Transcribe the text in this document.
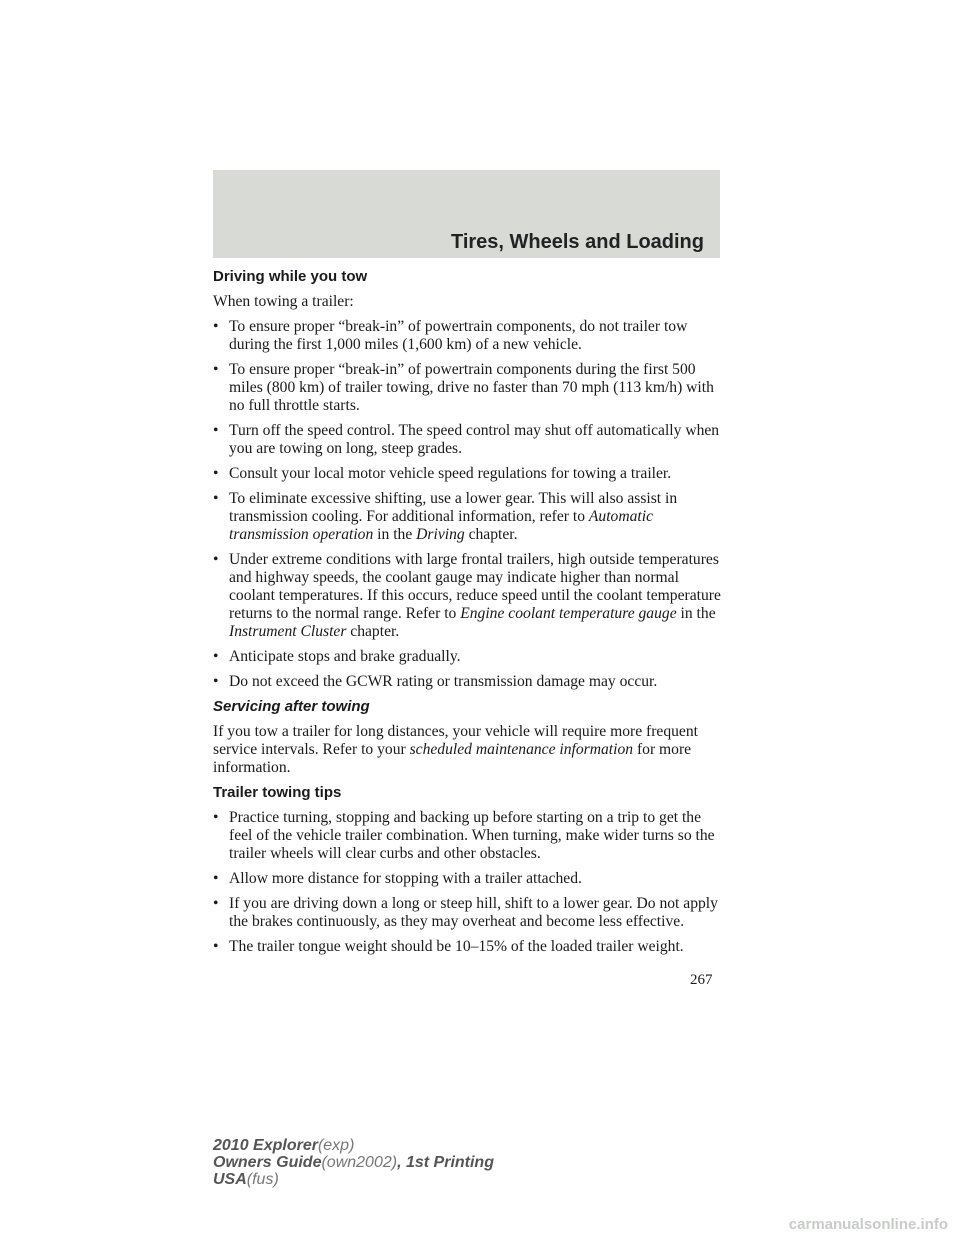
Tires, Wheels and Loading
Driving while you tow

When towing a trailer:

• To ensure proper “break-in” of powertrain components, do not trailer tow during the first 1,000 miles (1,600 km) of a new vehicle.
• To ensure proper “break-in” of powertrain components during the first 500 miles (800 km) of trailer towing, drive no faster than 70 mph (113 km/h) with no full throttle starts.
• Turn off the speed control. The speed control may shut off automatically when you are towing on long, steep grades.
• Consult your local motor vehicle speed regulations for towing a trailer.
• To eliminate excessive shifting, use a lower gear. This will also assist in transmission cooling. For additional information, refer to Automatic transmission operation in the Driving chapter.
• Under extreme conditions with large frontal trailers, high outside temperatures and highway speeds, the coolant gauge may indicate higher than normal coolant temperatures. If this occurs, reduce speed until the coolant temperature returns to the normal range. Refer to Engine coolant temperature gauge in the Instrument Cluster chapter.
• Anticipate stops and brake gradually.
• Do not exceed the GCWR rating or transmission damage may occur.
Servicing after towing

If you tow a trailer for long distances, your vehicle will require more frequent service intervals. Refer to your scheduled maintenance information for more information.

Trailer towing tips
• Practice turning, stopping and backing up before starting on a trip to get the feel of the vehicle trailer combination. When turning, make wider turns so the trailer wheels will clear curbs and other obstacles.
• Allow more distance for stopping with a trailer attached.
• If you are driving down a long or steep hill, shift to a lower gear. Do not apply the brakes continuously, as they may overheat and become less effective.
• The trailer tongue weight should be 10–15% of the loaded trailer weight.
267
2010 Explorer(exp)
Owners Guide(own2002), 1st Printing
USA(fus)
carmanualsonline.info
